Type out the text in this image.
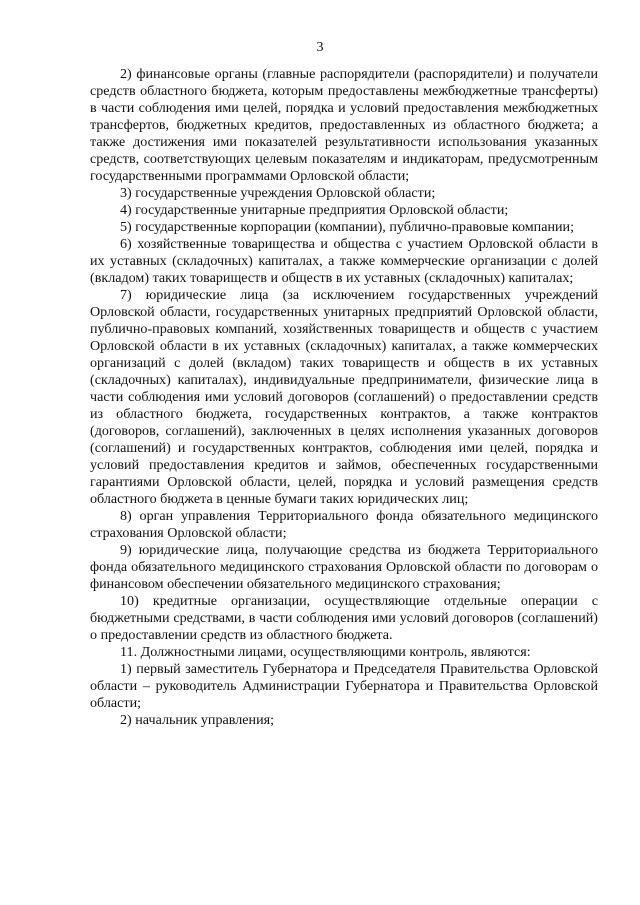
3

2) финансовые органы (главные распорядители (распорядители) и получатели средств областного бюджета, которым предоставлены межбюджетные трансферты) в части соблюдения ими целей, порядка и условий предоставления межбюджетных трансфертов, бюджетных кредитов, предоставленных из областного бюджета; а также достижения ими показателей результативности использования указанных средств, соответствующих целевым показателям и индикаторам, предусмотренным государственными программами Орловской области;

3) государственные учреждения Орловской области;

4) государственные унитарные предприятия Орловской области;

5) государственные корпорации (компании), публично-правовые компании;

6) хозяйственные товарищества и общества с участием Орловской области в их уставных (складочных) капиталах, а также коммерческие организации с долей (вкладом) таких товариществ и обществ в их уставных (складочных) капиталах;

7) юридические лица (за исключением государственных учреждений Орловской области, государственных унитарных предприятий Орловской области, публично-правовых компаний, хозяйственных товариществ и обществ с участием Орловской области в их уставных (складочных) капиталах, а также коммерческих организаций с долей (вкладом) таких товариществ и обществ в их уставных (складочных) капиталах), индивидуальные предприниматели, физические лица в части соблюдения ими условий договоров (соглашений) о предоставлении средств из областного бюджета, государственных контрактов, а также контрактов (договоров, соглашений), заключенных в целях исполнения указанных договоров (соглашений) и государственных контрактов, соблюдения ими целей, порядка и условий предоставления кредитов и займов, обеспеченных государственными гарантиями Орловской области, целей, порядка и условий размещения средств областного бюджета в ценные бумаги таких юридических лиц;

8) орган управления Территориального фонда обязательного медицинского страхования Орловской области;

9) юридические лица, получающие средства из бюджета Территориального фонда обязательного медицинского страхования Орловской области по договорам о финансовом обеспечении обязательного медицинского страхования;

10) кредитные организации, осуществляющие отдельные операции с бюджетными средствами, в части соблюдения ими условий договоров (соглашений) о предоставлении средств из областного бюджета.

11. Должностными лицами, осуществляющими контроль, являются:

1) первый заместитель Губернатора и Председателя Правительства Орловской области – руководитель Администрации Губернатора и Правительства Орловской области;

2) начальник управления;
